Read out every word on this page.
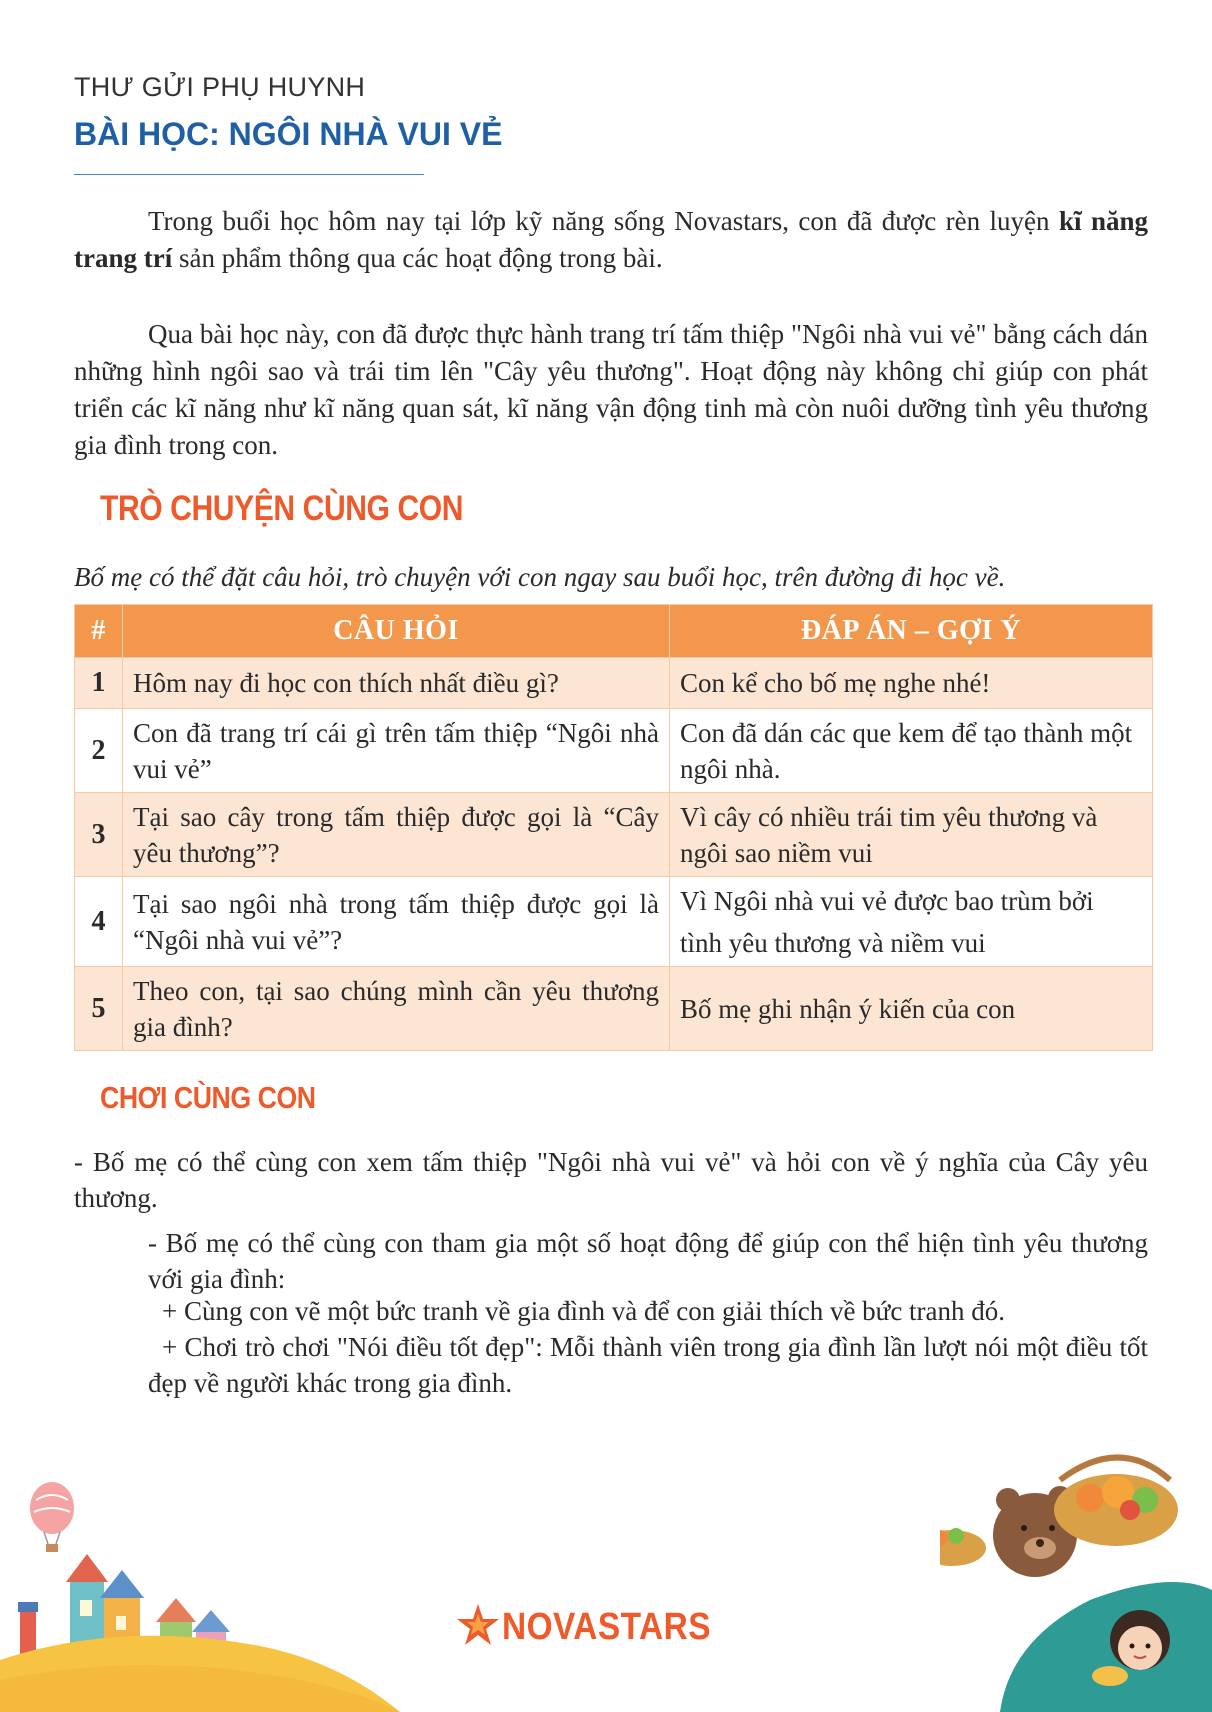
THƯ GỬI PHỤ HUYNH
BÀI HỌC: NGÔI NHÀ VUI VẺ

Trong buổi học hôm nay tại lớp kỹ năng sống Novastars, con đã được rèn luyện kĩ năng trang trí sản phẩm thông qua các hoạt động trong bài.

Qua bài học này, con đã được thực hành trang trí tấm thiệp "Ngôi nhà vui vẻ" bằng cách dán những hình ngôi sao và trái tim lên "Cây yêu thương". Hoạt động này không chỉ giúp con phát triển các kĩ năng như kĩ năng quan sát, kĩ năng vận động tinh mà còn nuôi dưỡng tình yêu thương gia đình trong con.

TRÒ CHUYỆN CÙNG CON
Bố mẹ có thể đặt câu hỏi, trò chuyện với con ngay sau buổi học, trên đường đi học về.
#	CÂU HỎI	ĐÁP ÁN – GỢI Ý
1	Hôm nay đi học con thích nhất điều gì?	Con kể cho bố mẹ nghe nhé!
2	Con đã trang trí cái gì trên tấm thiệp “Ngôi nhà vui vẻ”	Con đã dán các que kem để tạo thành một ngôi nhà.
3	Tại sao cây trong tấm thiệp được gọi là “Cây yêu thương”?	Vì cây có nhiều trái tim yêu thương và ngôi sao niềm vui
4	Tại sao ngôi nhà trong tấm thiệp được gọi là “Ngôi nhà vui vẻ”?	Vì Ngôi nhà vui vẻ được bao trùm bởi tình yêu thương và niềm vui
5	Theo con, tại sao chúng mình cần yêu thương gia đình?	Bố mẹ ghi nhận ý kiến của con
CHƠI CÙNG CON

- Bố mẹ có thể cùng con xem tấm thiệp "Ngôi nhà vui vẻ" và hỏi con về ý nghĩa của Cây yêu thương.

- Bố mẹ có thể cùng con tham gia một số hoạt động để giúp con thể hiện tình yêu thương với gia đình:

+ Cùng con vẽ một bức tranh về gia đình và để con giải thích về bức tranh đó.

+ Chơi trò chơi "Nói điều tốt đẹp": Mỗi thành viên trong gia đình lần lượt nói một điều tốt đẹp về người khác trong gia đình.

NOVASTARS
